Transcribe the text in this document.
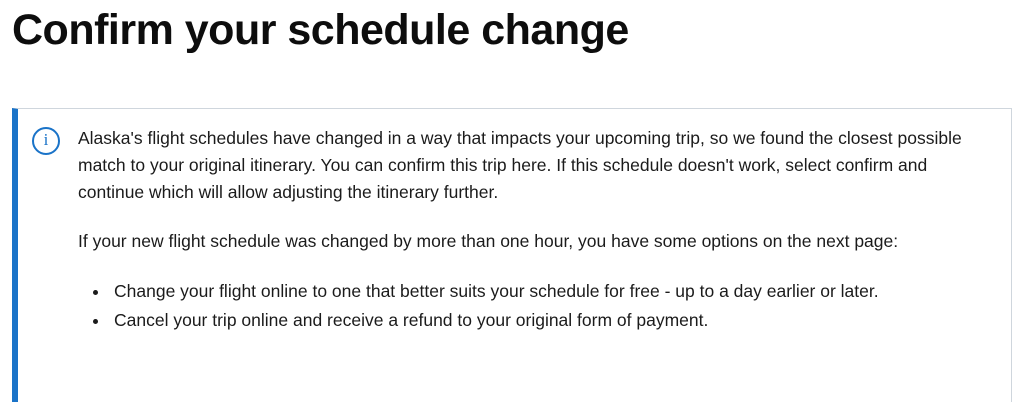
Confirm your schedule change
i	Alaska's flight schedules have changed in a way that impacts your upcoming trip, so we found the closest possible match to your original itinerary. You can confirm this trip here. If this schedule doesn't work, select confirm and continue which will allow adjusting the itinerary further.

If your new flight schedule was changed by more than one hour, you have some options on the next page:

• Change your flight online to one that better suits your schedule for free - up to a day earlier or later.
• Cancel your trip online and receive a refund to your original form of payment.
